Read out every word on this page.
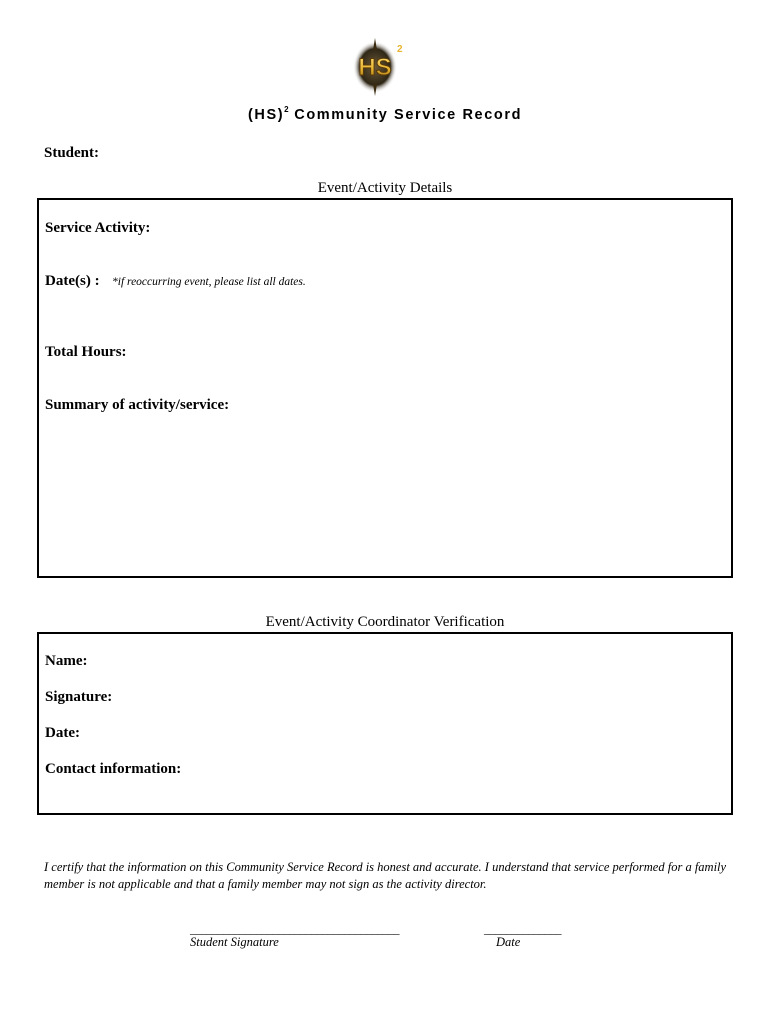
HS
2
(HS)$^2$ Community Service Record
Student:
Event/Activity Details
Service Activity:
Date(s) : *if reoccurring event, please list all dates.
Total Hours:
Summary of activity/service:
Event/Activity Coordinator Verification
Name:
Signature:
Date:
Contact information:
I certify that the information on this Community Service Record is honest and accurate. I understand that service performed for a family member is not applicable and that a family member may not sign as the activity director.
______________________________________
Student Signature
______________
Date
